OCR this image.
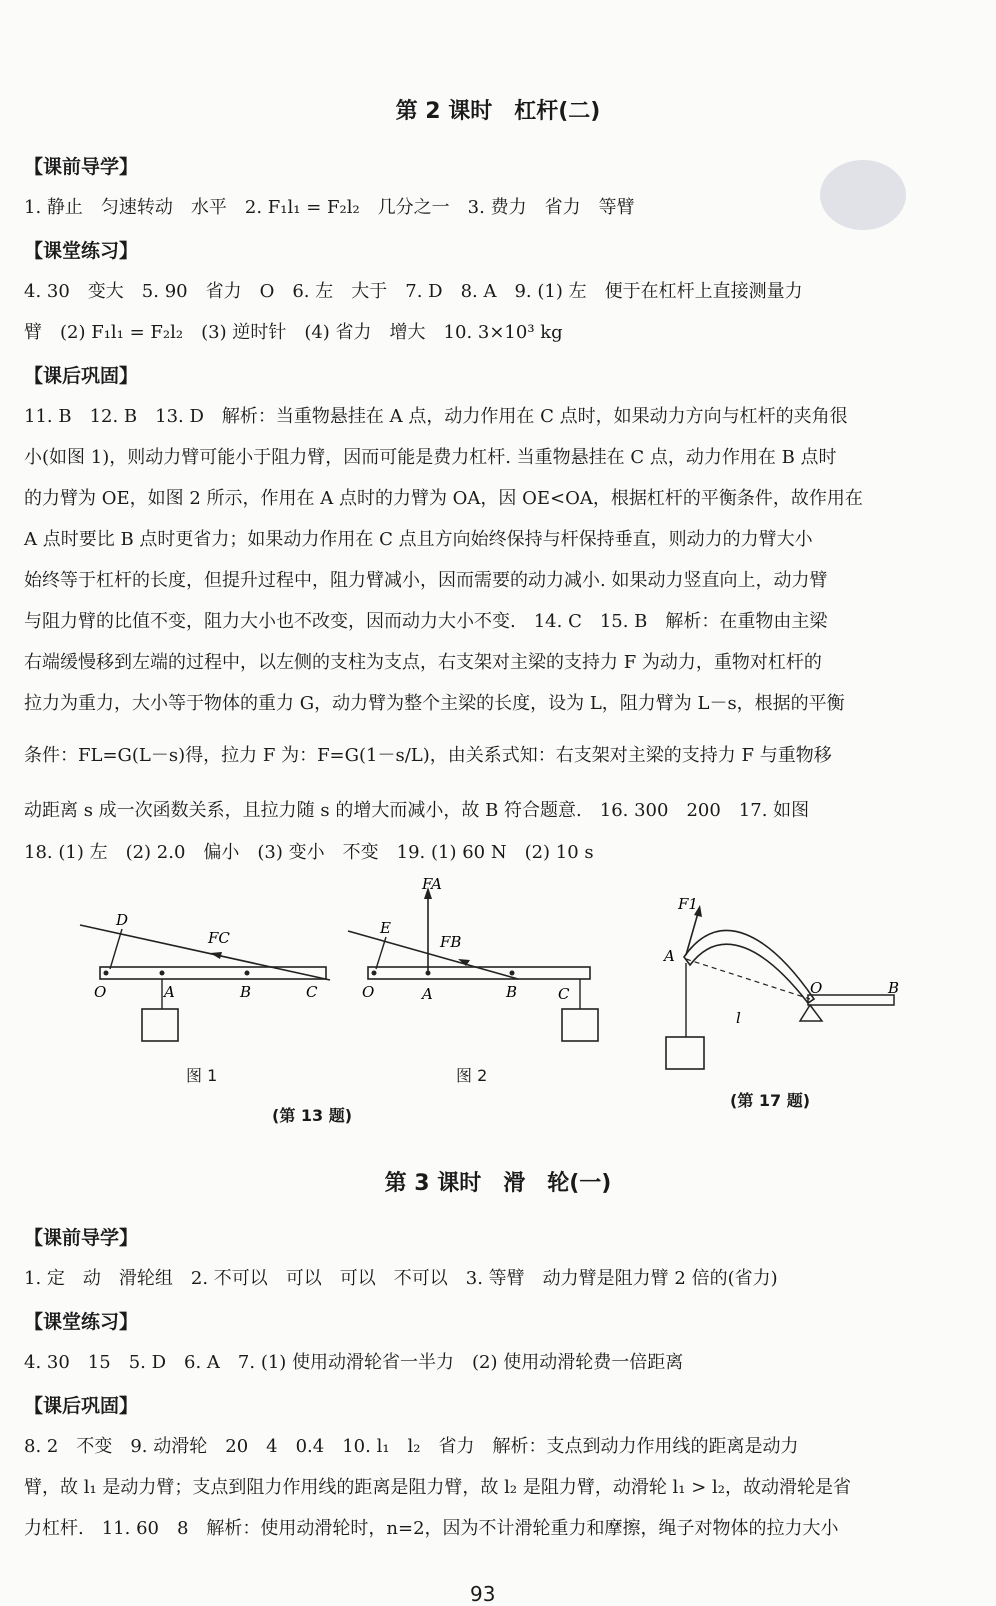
第 2 课时　杠杆(二)
【课前导学】
1. 静止　匀速转动　水平　2. F₁l₁ = F₂l₂　几分之一　3. 费力　省力　等臂
【课堂练习】
4. 30　变大　5. 90　省力　O　6. 左　大于　7. D　8. A　9. (1) 左　便于在杠杆上直接测量力
臂　(2) F₁l₁ = F₂l₂　(3) 逆时针　(4) 省力　增大　10. 3×10³ kg
【课后巩固】
11. B　12. B　13. D　解析：当重物悬挂在 A 点，动力作用在 C 点时，如果动力方向与杠杆的夹角很
小(如图 1)，则动力臂可能小于阻力臂，因而可能是费力杠杆. 当重物悬挂在 C 点，动力作用在 B 点时
的力臂为 OE，如图 2 所示，作用在 A 点时的力臂为 OA，因 OE<OA，根据杠杆的平衡条件，故作用在
A 点时要比 B 点时更省力；如果动力作用在 C 点且方向始终保持与杆保持垂直，则动力的力臂大小
始终等于杠杆的长度，但提升过程中，阻力臂减小，因而需要的动力减小. 如果动力竖直向上，动力臂
与阻力臂的比值不变，阻力大小也不改变，因而动力大小不变.　14. C　15. B　解析：在重物由主梁
右端缓慢移到左端的过程中，以左侧的支柱为支点，右支架对主梁的支持力 F 为动力，重物对杠杆的
拉力为重力，大小等于物体的重力 G，动力臂为整个主梁的长度，设为 L，阻力臂为 L－s，根据的平衡
条件：FL=G(L－s)得，拉力 F 为：F=G(1－s/L)，由关系式知：右支架对主梁的支持力 F 与重物移
动距离 s 成一次函数关系，且拉力随 s 的增大而减小，故 B 符合题意.　16. 300　200　17. 如图
18. (1) 左　(2) 2.0　偏小　(3) 变小　不变　19. (1) 60 N　(2) 10 s
D
FC
O	A	B	C
图 1
E
FB
FA
O	A	B	C
图 2
(第 13 题)
F1
A
O	B
l
(第 17 题)
第 3 课时　滑　轮(一)
【课前导学】
1. 定　动　滑轮组　2. 不可以　可以　可以　不可以　3. 等臂　动力臂是阻力臂 2 倍的(省力)
【课堂练习】
4. 30　15　5. D　6. A　7. (1) 使用动滑轮省一半力　(2) 使用动滑轮费一倍距离
【课后巩固】
8. 2　不变　9. 动滑轮　20　4　0.4　10. l₁　l₂　省力　解析：支点到动力作用线的距离是动力
臂，故 l₁ 是动力臂；支点到阻力作用线的距离是阻力臂，故 l₂ 是阻力臂，动滑轮 l₁ > l₂，故动滑轮是省
力杠杆.　11. 60　8　解析：使用动滑轮时，n=2，因为不计滑轮重力和摩擦，绳子对物体的拉力大小
93
